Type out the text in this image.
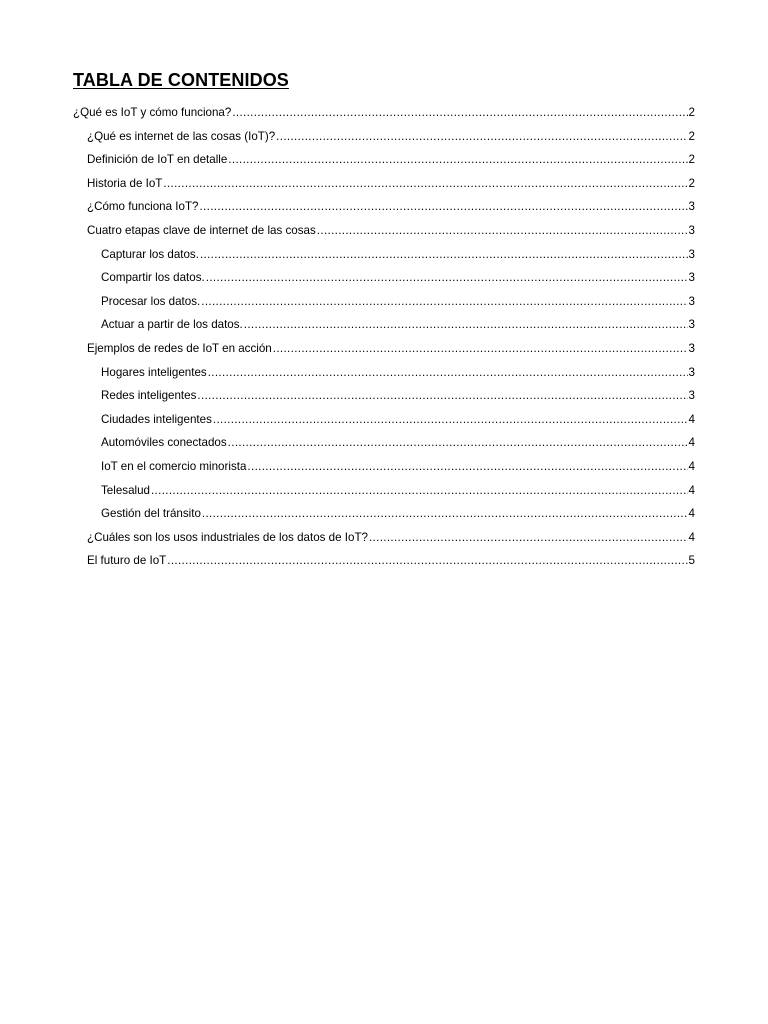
TABLA DE CONTENIDOS
¿Qué es IoT y cómo funciona? .....	2
¿Qué es internet de las cosas (IoT)? .....	2
Definición de IoT en detalle .....	2
Historia de IoT .....	2
¿Cómo funciona IoT? .....	3
Cuatro etapas clave de internet de las cosas .....	3
Capturar los datos. .....	3
Compartir los datos. .....	3
Procesar los datos. .....	3
Actuar a partir de los datos. .....	3
Ejemplos de redes de IoT en acción .....	3
Hogares inteligentes .....	3
Redes inteligentes .....	3
Ciudades inteligentes .....	4
Automóviles conectados .....	4
IoT en el comercio minorista .....	4
Telesalud .....	4
Gestión del tránsito .....	4
¿Cuáles son los usos industriales de los datos de IoT? .....	4
El futuro de IoT .....	5
